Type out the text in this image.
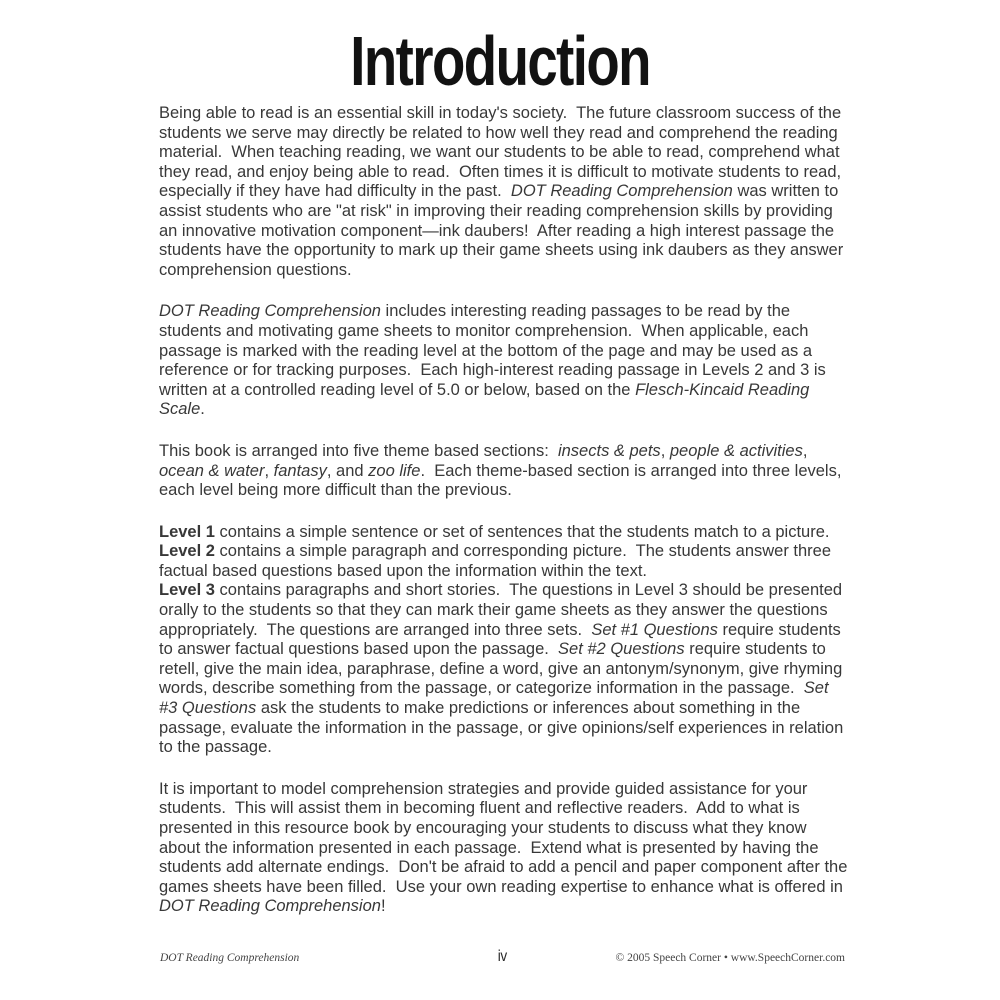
Introduction

Being able to read is an essential skill in today's society.  The future classroom success of the students we serve may directly be related to how well they read and comprehend the reading material.  When teaching reading, we want our students to be able to read, comprehend what they read, and enjoy being able to read.  Often times it is difficult to motivate students to read, especially if they have had difficulty in the past.  DOT Reading Comprehension was written to assist students who are "at risk" in improving their reading comprehension skills by providing an innovative motivation component—ink daubers!  After reading a high interest passage the students have the opportunity to mark up their game sheets using ink daubers as they answer comprehension questions.

DOT Reading Comprehension includes interesting reading passages to be read by the students and motivating game sheets to monitor comprehension.  When applicable, each passage is marked with the reading level at the bottom of the page and may be used as a reference or for tracking purposes.  Each high-interest reading passage in Levels 2 and 3 is written at a controlled reading level of 5.0 or below, based on the Flesch-Kincaid Reading Scale.

This book is arranged into five theme based sections:  insects & pets, people & activities, ocean & water, fantasy, and zoo life.  Each theme-based section is arranged into three levels, each level being more difficult than the previous.

Level 1 contains a simple sentence or set of sentences that the students match to a picture.

Level 2 contains a simple paragraph and corresponding picture.  The students answer three factual based questions based upon the information within the text.

Level 3 contains paragraphs and short stories.  The questions in Level 3 should be presented orally to the students so that they can mark their game sheets as they answer the questions appropriately.  The questions are arranged into three sets.  Set #1 Questions require students to answer factual questions based upon the passage.  Set #2 Questions require students to retell, give the main idea, paraphrase, define a word, give an antonym/synonym, give rhyming words, describe something from the passage, or categorize information in the passage.  Set #3 Questions ask the students to make predictions or inferences about something in the passage, evaluate the information in the passage, or give opinions/self experiences in relation to the passage.

It is important to model comprehension strategies and provide guided assistance for your students.  This will assist them in becoming fluent and reflective readers.  Add to what is presented in this resource book by encouraging your students to discuss what they know about the information presented in each passage.  Extend what is presented by having the students add alternate endings.  Don't be afraid to add a pencil and paper component after the games sheets have been filled.  Use your own reading expertise to enhance what is offered in DOT Reading Comprehension!

DOT Reading Comprehension	iv	© 2005 Speech Corner • www.SpeechCorner.com
